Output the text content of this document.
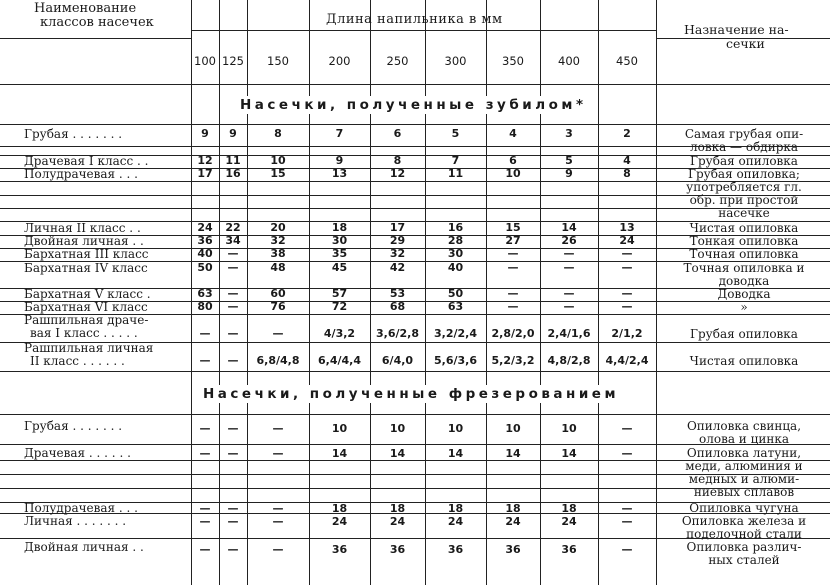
Наименование
классов насечек	Длина напильника в мм
Назначение на-
сечки
100 125	150	200	250	300	350	400	450
Насечки, полученные зубилом*
Насечки, полученные фрезерованием
Грубая . . . . . . .	9	9	8	7	6	5	4	3	2	Самая грубая опи-
ловка — обдирка
Драчевая I класс . .	12	11	10	9	8	7	6	5	4	Грубая опиловка
Полудрачевая . . .	17	16	15	13	12	11	10	9	8	Грубая опиловка;
употребляется гл.
обр. при простой
насечке
Личная II класс . .	24	22	20	18	17	16	15	14	13	Чистая опиловка
Двойная личная . .	36	34	32	30	29	28	27	26	24	Тонкая опиловка
Бархатная III класс	40	—	38	35	32	30	—	—	—	Точная опиловка
Бархатная IV класс	50	—	48	45	42	40	—	—	—	Точная опиловка и
доводка
Бархатная V класс .	63	—	60	57	53	50	—	—	—	Доводка
Бархатная VI класс	80	—	76	72	68	63	—	—	—	»
Рашпильная драче-
вая I класс . . . . .	—	—	—	4/3,2	3,6/2,8	3,2/2,4	2,8/2,0	2,4/1,6	2/1,2	Грубая опиловка
Рашпильная личная
II класс . . . . . .	—	—	6,8/4,8	6,4/4,4	6/4,0	5,6/3,6	5,2/3,2	4,8/2,8	4,4/2,4	Чистая опиловка
Грубая . . . . . . .	—	—	—	10	10	10	10	10	—	Опиловка свинца,
олова и цинка
Драчевая . . . . . .	—	—	—	14	14	14	14	14	—	Опиловка латуни,
меди, алюминия и
медных и алюми-
ниевых сплавов
Полудрачевая . . .	—	—	—	18	18	18	18	18	—	Опиловка чугуна
Личная . . . . . . .	—	—	—	24	24	24	24	24	—	Опиловка железа и
поделочной стали
Двойная личная . .	—	—	—	36	36	36	36	36	—	Опиловка различ-
ных сталей
